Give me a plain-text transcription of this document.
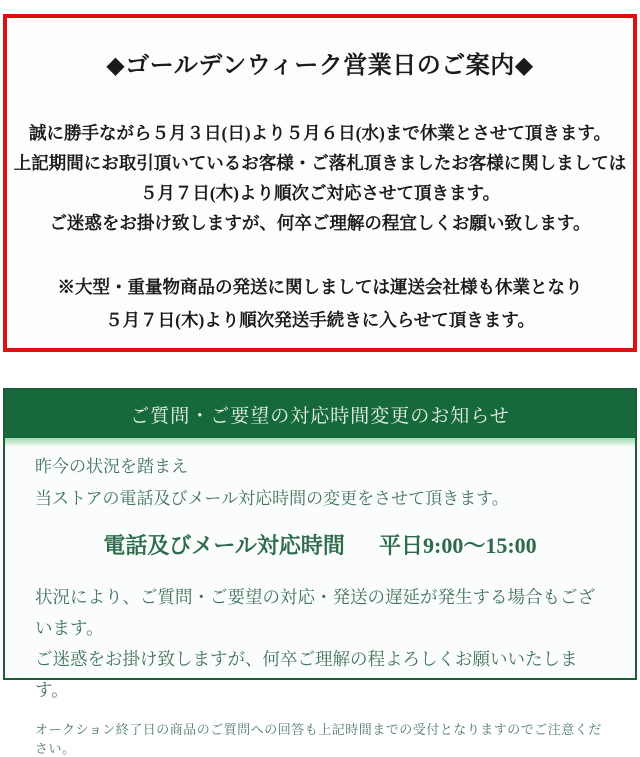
◆ゴールデンウィーク営業日のご案内◆

誠に勝手ながら５月３日(日)より５月６日(水)まで休業とさせて頂きます。

上記期間にお取引頂いているお客様・ご落札頂きましたお客様に関しましては

５月７日(木)より順次ご対応させて頂きます。

ご迷惑をお掛け致しますが、何卒ご理解の程宜しくお願い致します。

※大型・重量物商品の発送に関しましては運送会社様も休業となり

５月７日(木)より順次発送手続きに入らせて頂きます。

ご質問・ご要望の対応時間変更のお知らせ

昨今の状況を踏まえ

当ストアの電話及びメール対応時間の変更をさせて頂きます。

電話及びメール対応時間 平日9:00～15:00

状況により、ご質問・ご要望の対応・発送の遅延が発生する場合もございます。

ご迷惑をお掛け致しますが、何卒ご理解の程よろしくお願いいたします。

オークション終了日の商品のご質問への回答も上記時間までの受付となりますのでご注意ください。
